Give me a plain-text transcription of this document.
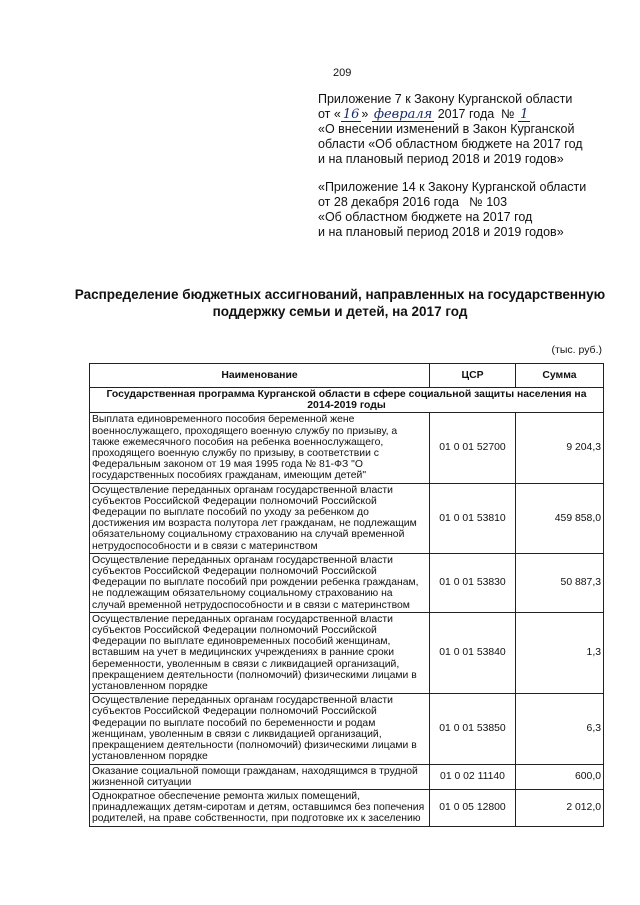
209
Приложение 7 к Закону Курганской области
от « 16 » февраля 2017 года № 1
«О внесении изменений в Закон Курганской
области «Об областном бюджете на 2017 год
и на плановый период 2018 и 2019 годов»
«Приложение 14 к Закону Курганской области
от 28 декабря 2016 года   № 103
«Об областном бюджете на 2017 год
и на плановый период 2018 и 2019 годов»
Распределение бюджетных ассигнований, направленных на государственную
поддержку семьи и детей, на 2017 год
(тыс. руб.)
Наименование	ЦСР	Сумма
Государственная программа Курганской области в сфере социальной защиты населения на 2014-2019 годы		
Выплата единовременного пособия беременной жене военнослужащего, проходящего военную службу по призыву, а также ежемесячного пособия на ребенка военнослужащего, проходящего военную службу по призыву, в соответствии с Федеральным законом от 19 мая 1995 года № 81-ФЗ "О государственных пособиях гражданам, имеющим детей"	01 0 01 52700	9 204,3
Осуществление переданных органам государственной власти субъектов Российской Федерации полномочий Российской Федерации по выплате пособий по уходу за ребенком до достижения им возраста полутора лет гражданам, не подлежащим обязательному социальному страхованию на случай временной нетрудоспособности и в связи с материнством	01 0 01 53810	459 858,0
Осуществление переданных органам государственной власти субъектов Российской Федерации полномочий Российской Федерации по выплате пособий при рождении ребенка гражданам, не подлежащим обязательному социальному страхованию на случай временной нетрудоспособности и в связи с материнством	01 0 01 53830	50 887,3
Осуществление переданных органам государственной власти субъектов Российской Федерации полномочий Российской Федерации по выплате единовременных пособий женщинам, вставшим на учет в медицинских учреждениях в ранние сроки беременности, уволенным в связи с ликвидацией организаций, прекращением деятельности (полномочий) физическими лицами в установленном порядке	01 0 01 53840	1,3
Осуществление переданных органам государственной власти субъектов Российской Федерации полномочий Российской Федерации по выплате пособий по беременности и родам женщинам, уволенным в связи с ликвидацией организаций, прекращением деятельности (полномочий) физическими лицами в установленном порядке	01 0 01 53850	6,3
Оказание социальной помощи гражданам, находящимся в трудной жизненной ситуации	01 0 02 11140	600,0
Однократное обеспечение ремонта жилых помещений, принадлежащих детям-сиротам и детям, оставшимся без попечения родителей, на праве собственности, при подготовке их к заселению	01 0 05 12800	2 012,0
